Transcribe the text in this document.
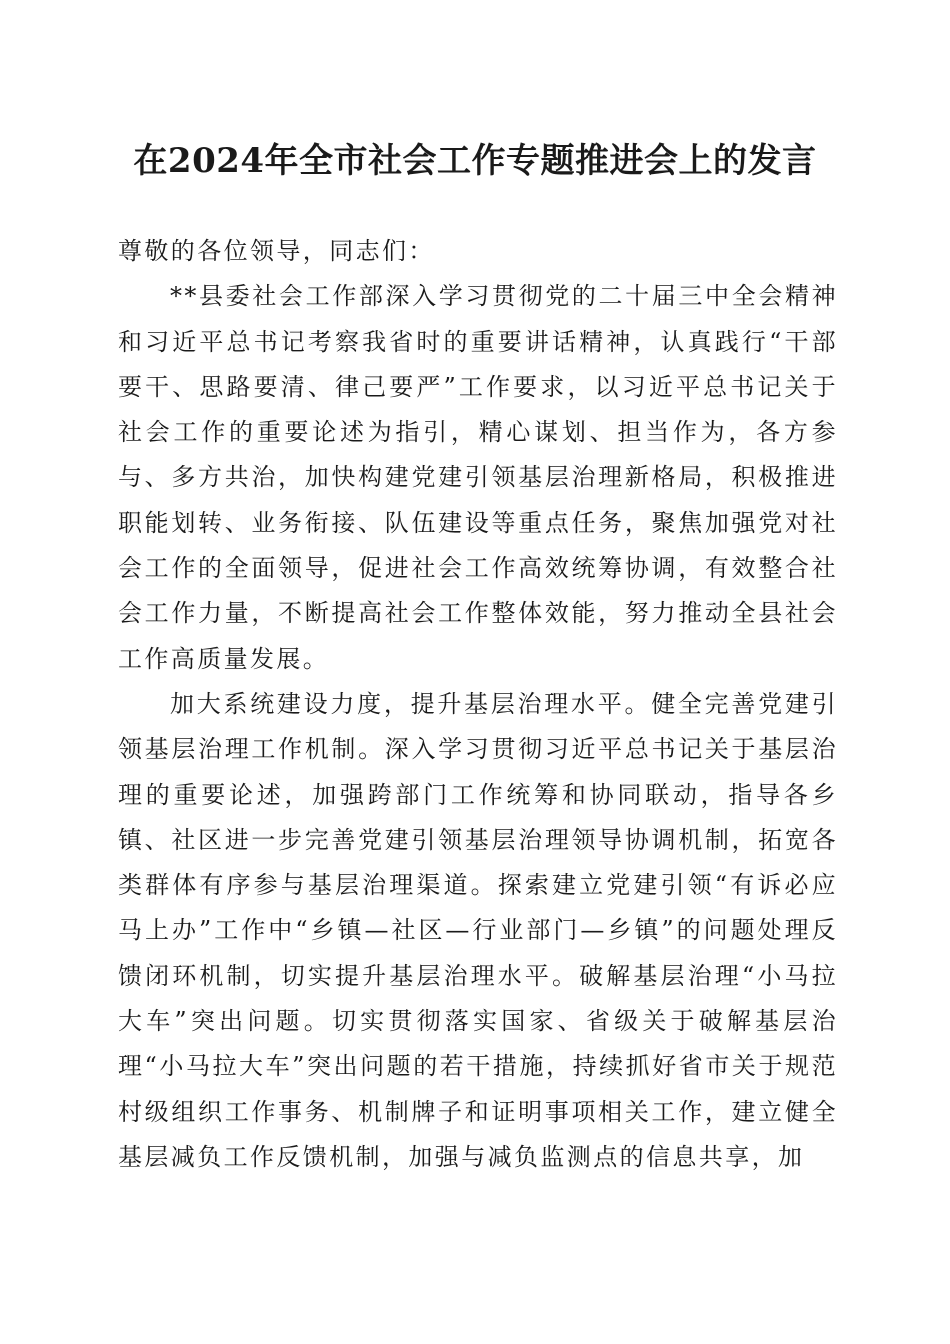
在2024年全市社会工作专题推进会上的发言

尊敬的各位领导，同志们：

**县委社会工作部深入学习贯彻党的二十届三中全会精神和习近平总书记考察我省时的重要讲话精神，认真践行“干部要干、思路要清、律己要严”工作要求，以习近平总书记关于社会工作的重要论述为指引，精心谋划、担当作为，各方参与、多方共治，加快构建党建引领基层治理新格局，积极推进职能划转、业务衔接、队伍建设等重点任务，聚焦加强党对社会工作的全面领导，促进社会工作高效统筹协调，有效整合社会工作力量，不断提高社会工作整体效能，努力推动全县社会工作高质量发展。

加大系统建设力度，提升基层治理水平。健全完善党建引领基层治理工作机制。深入学习贯彻习近平总书记关于基层治理的重要论述，加强跨部门工作统筹和协同联动，指导各乡镇、社区进一步完善党建引领基层治理领导协调机制，拓宽各类群体有序参与基层治理渠道。探索建立党建引领“有诉必应马上办”工作中“乡镇—社区—行业部门—乡镇”的问题处理反馈闭环机制，切实提升基层治理水平。破解基层治理“小马拉大车”突出问题。切实贯彻落实国家、省级关于破解基层治理“小马拉大车”突出问题的若干措施，持续抓好省市关于规范村级组织工作事务、机制牌子和证明事项相关工作，建立健全基层减负工作反馈机制，加强与减负监测点的信息共享，加
